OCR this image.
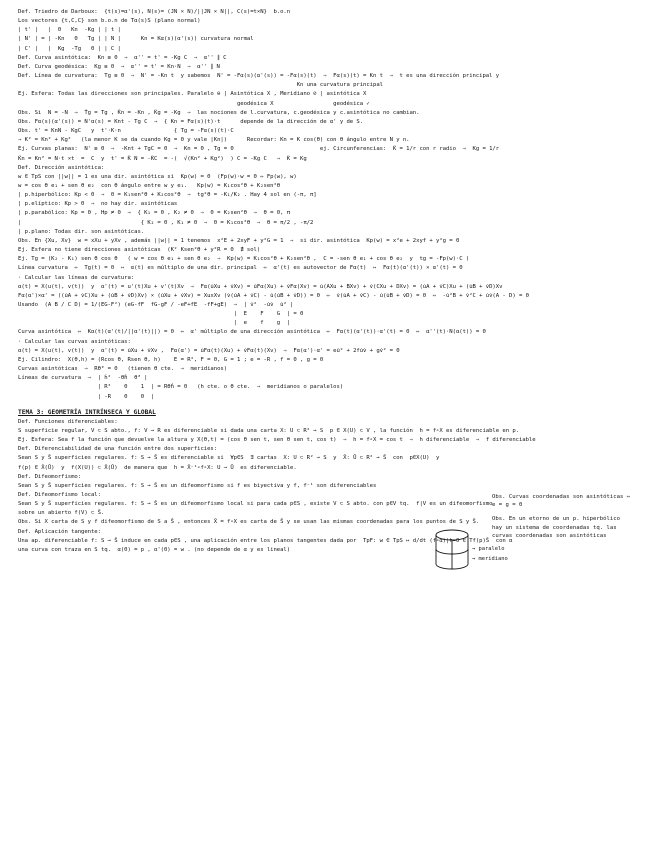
Def. Triedro de Darboux:  {t(s)=α'(s), N(s)= (JN × N)/||JN × N||, C(s)=t×N}  b.o.n
Los vectores {t,C,C} son b.o.n de Tα(s)S (plano normal)
| t' |   |  0   Kn  -Kg | | t |
| N' | = | -Kn   0   Tg | | N |      Kn = Kα(s)(α'(s)) curvatura normal
| C' |   |  Kg  -Tg   0 | | C |
Def. Curva asintótica:  Kn ≡ 0  ⇒  α'' = t' = -Kg C  ⇒  α'' ∥ C
Def. Curva geodésica:  Kg ≡ 0  ⇒  α'' = t' = Kn·N  ⇒  α'' ∥ N
Def. Línea de curvatura:  Tg ≡ 0  ⇒  N' = -Kn t  y sabemos  N' = -Fα(s)(α'(s)) = -Fα(s)(t)  ⇒  Fα(s)(t) = Kn t  ⇒  t es una dirección principal y
Kn una curvatura principal
Ej. Esfera: Todas las direcciones son principales. Paralelo ⊖ | Asintótica X , Meridiano ⊘ | asintótica X
geodésica X                  geodésica ✓
Obs. Si  N = -N  ⇒  T̃g = Tg , K̃n = -Kn , K̃g = -Kg  ⇒  las nociones de l.curvatura, c.geodésica y c.asintótica no cambian.
Obs. Fα(s)(α'(s)) = N'α(s) = Knt - Tg C  ⇒  { Kn = Fα(s)(t)·t      depende de la dirección de α' y de S.
Obs. t' = KnN - KgC   y  t'·K·n                { Tg = -Fα(s)(t)·C
⇒ K² = Kn² + Kg²   (la menor K se da cuando Kg = 0 y vale |Kn|)      Recordar: Kn = K cos(θ) con θ ángulo entre N y n.
Ej. Curvas planas:  N' ≡ 0  ⇒  -Knt + TgC = 0  ⇒  Kn = 0 , Tg = 0                          ej. Circunferencias:  K̂ = 1/r con r radio  ⇒  Kg = 1/r
K̂n = Kn² = N·t ×t  =  C  y  t' = K̂ N = -K̂C  = -(  √(Kn² + Kg²)  ) C = -Kg C   ⇒  K̂ = Kg
Def. Dirección asintótica:
w ∈ TpS con ||w|| = 1 es una dir. asintótica si  Kp(w) = 0  (Fp(w)·w = 0 ⇔ Fp(w), w)
w = cos θ e₁ + sen θ e₂  con θ ángulo entre w y e₁.   Kp(w) = K₁cos²θ + K₂sen²θ
| p.hiperbólico: Kp < 0  ⇒  0 = K₁sen²θ + K₂cos²θ  ⇒  tg²θ = -K₁/K₂ . Hay 4 sol en (-π, π]
| p.elíptico: Kp > 0  ⇒  no hay dir. asintóticas
| p.parabólico: Kp = 0 , Hp ≠ 0  ⇒  { K₁ = 0 , K₂ ≠ 0  ⇒  0 = K₂sen²θ  ⇒  θ = 0, π
|                                    { K₂ = 0 , K₁ ≠ 0  ⇒  0 = K₁cos²θ  ⇒  θ = π/2 , -π/2
| p.plano: Todas dir. son asintóticas.
Obs. En {Xu, Xv}  w = xXu + yXv , además ||w|| = 1 tenemos  x²E + 2xyF + y²G = 1  ⇒  si dir. asintótica  Kp(w) = x²e + 2xyf + y²g = 0
Ej. Esfera no tiene direcciones asintóticas  (K² Ksen²θ + y²R = 0  ∄ sol)
Ej. Tg = (K₂ - K₁) sen θ cos θ   ( w = cos θ e₁ + sen θ e₂  ⇒  Kp(w) = K₁cos²θ + K₂sen²θ ,  C = -sen θ e₁ + cos θ e₂  y  tg = -Fp(w)·C )
Línea curvatura  ⇔  Tg(t) = 0  ⇔  α(t) es múltiplo de una dir. principal  ⇔  α'(t) es autovector de Fα(t)  ⇔  Fα(t)(α'(t)) × α'(t) = 0
· Calcular las líneas de curvatura:
α(t) = X(u(t), v(t))  y  α'(t) = u'(t)Xu + v'(t)Xv  ⇒  Fα(u̇Xu + v̇Xv) = u̇Fα(Xu) + v̇Fα(Xv) = u̇(AXu + BXv) + v̇(CXu + DXv) = (u̇A + v̇C)Xu + (u̇B + v̇D)Xv
Fα(α')×α' = ((u̇A + v̇C)Xu + (u̇B + v̇D)Xv) × (u̇Xu + v̇Xv) = XuxXv (v̇(u̇A + v̇C) - u̇(u̇B + v̇D)) = 0  ⇔  v̇(u̇A + v̇C) - u̇(u̇B + v̇D) = 0  ⇔  -u̇²B + v̇²C + u̇v̇(A - D) = 0
Usando  (A B / C D) = 1/(EG-F²) (eG-fF  fG-gF / -eF+fE  -fF+gE)  ⇒  | v̇²  -u̇v̇  u̇² |
|  E    F    G  | = 0
|  e    f    g  |
Curva asintótica  ⇔  Kα(t)(α'(t)/||α'(t)||) = 0  ⇔  α' múltiplo de una dirección asintótica  ⇔  Fα(t)(α'(t))·α'(t) = 0  ⇔  α''(t)·N(α(t)) = 0
· Calcular las curvas asintóticas:
α(t) = X(u(t), v(t))  y  α'(t) = u̇Xu + v̇Xv ,  Fα(α') = u̇Fα(t)(Xu) + v̇Fα(t)(Xv)  ⇒  Fα(α')·α' = eu̇² + 2fu̇v̇ + gv̇² = 0
Ej. Cilindro:  X(θ,h) = (Rcos θ, Rsen θ, h)    E = R², F = 0, G = 1 ; e = -R , f = 0 , g = 0
Curvas asintóticas  ⇒  Rθ̇² = 0   (tienen θ cte.  ⇒  meridianos)
Líneas de curvatura  ⇒  | ḣ²  -θ̇ḣ  θ̇² |
| R²    0    1  | = Rθ̇ḣ = 0   (h cte. o θ cte.  ⇒  meridianos o paralelos)
| -R    0    0  |
TEMA 3: GEOMETRÍA INTRÍNSECA Y GLOBAL
Def. Funciones diferenciables:
S superficie regular, V ⊂ S abto., f: V → R es diferenciable si dada una carta X: U ⊂ R² → S  p ∈ X(U) ⊂ V , la función  h = f∘X es diferenciable en p.
Ej. Esfera: Sea f la función que devuelve la altura y X(θ,t) = (cos θ sen t, sen θ sen t, cos t)  ⇒  h = f∘X = cos t  ⇒  h diferenciable  ⇒  f diferenciable
Def. Diferenciabilidad de una función entre dos superficies:
Sean S y S̄ superficies regulares. f: S → S̄ es diferenciable si  ∀p∈S  ∃ cartas  X: U ⊂ R² → S  y  X̄: Ū ⊂ R² → S̄  con  p∈X(U)  y
f(p) ∈ X̄(Ū)  y  f(X(U)) ⊂ X̄(Ū)  de manera que  h = X̄⁻¹∘f∘X: U → Ū  es diferenciable.
Def. Difeomorfismo:
Sean S y S̄ superficies regulares. f: S → S̄ es un difeomorfismo si f es biyectiva y f, f⁻¹ son diferenciables
Def. Difeomorfismo local:
Sean S y S̄ superficies regulares. f: S → S̄ es un difeomorfismo local si para cada p∈S , existe V ⊂ S abto. con p∈V tq.  f|V es un difeomorfismo
sobre un abierto f(V) ⊂ S̄.
Obs. Si X carta de S y f difeomorfismo de S a S̄ , entonces X̄ = f∘X es carta de S̄ y se usan las mismas coordenadas para los puntos de S y S̄.
Def. Aplicación tangente:
Una ap. diferenciable f: S → S̄ induce en cada p∈S , una aplicación entre los planos tangentes dada por  TpF: w ∈ TpS ↦ d/dt (f∘α)|t=0 ∈ Tf(p)S̄  con α
una curva con traza en S tq.  α(0) = p , α'(0) = w . (no depende de α y es lineal)

Obs. Curvas coordenadas son asintóticas ⇔ e = g = 0

Obs. En un etorno de un p. hiperbólico hay un sistema de coordenadas tq. las curvas coordenadas son asintóticas

→ paralelo
→ meridiano
